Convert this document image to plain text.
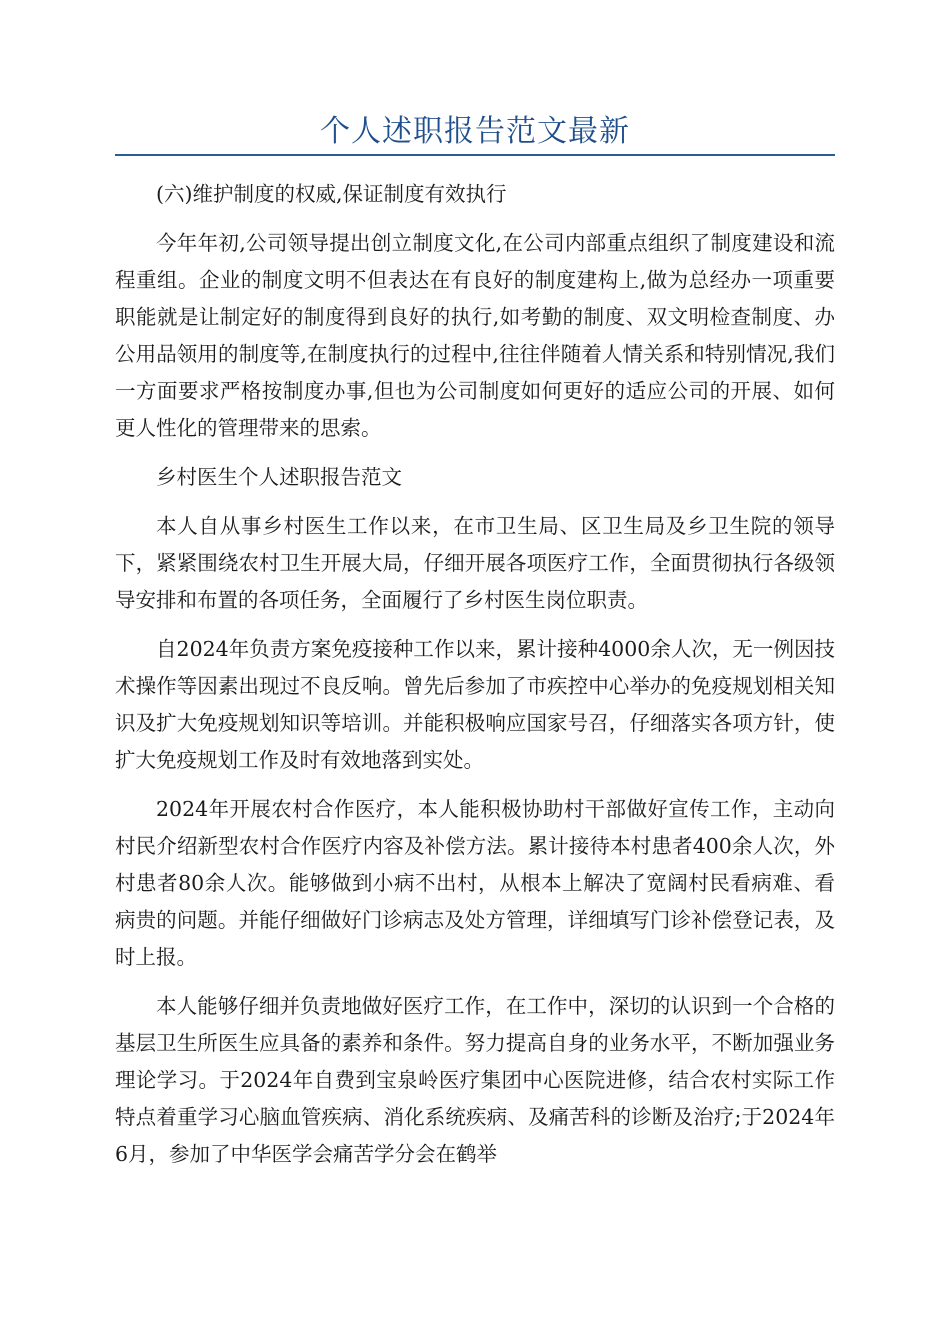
个人述职报告范文最新

(六)维护制度的权威,保证制度有效执行

今年年初,公司领导提出创立制度文化,在公司内部重点组织了制度建设和流程重组。企业的制度文明不但表达在有良好的制度建构上,做为总经办一项重要职能就是让制定好的制度得到良好的执行,如考勤的制度、双文明检查制度、办公用品领用的制度等,在制度执行的过程中,往往伴随着人情关系和特别情况,我们一方面要求严格按制度办事,但也为公司制度如何更好的适应公司的开展、如何更人性化的管理带来的思索。

乡村医生个人述职报告范文

本人自从事乡村医生工作以来，在市卫生局、区卫生局及乡卫生院的领导下，紧紧围绕农村卫生开展大局，仔细开展各项医疗工作，全面贯彻执行各级领导安排和布置的各项任务，全面履行了乡村医生岗位职责。

自2024年负责方案免疫接种工作以来，累计接种4000余人次，无一例因技术操作等因素出现过不良反响。曾先后参加了市疾控中心举办的免疫规划相关知识及扩大免疫规划知识等培训。并能积极响应国家号召，仔细落实各项方针，使扩大免疫规划工作及时有效地落到实处。

2024年开展农村合作医疗，本人能积极协助村干部做好宣传工作，主动向村民介绍新型农村合作医疗内容及补偿方法。累计接待本村患者400余人次，外村患者80余人次。能够做到小病不出村，从根本上解决了宽阔村民看病难、看病贵的问题。并能仔细做好门诊病志及处方管理，详细填写门诊补偿登记表，及时上报。

本人能够仔细并负责地做好医疗工作，在工作中，深切的认识到一个合格的基层卫生所医生应具备的素养和条件。努力提高自身的业务水平，不断加强业务理论学习。于2024年自费到宝泉岭医疗集团中心医院进修，结合农村实际工作特点着重学习心脑血管疾病、消化系统疾病、及痛苦科的诊断及治疗;于2024年6月，参加了中华医学会痛苦学分会在鹤举
